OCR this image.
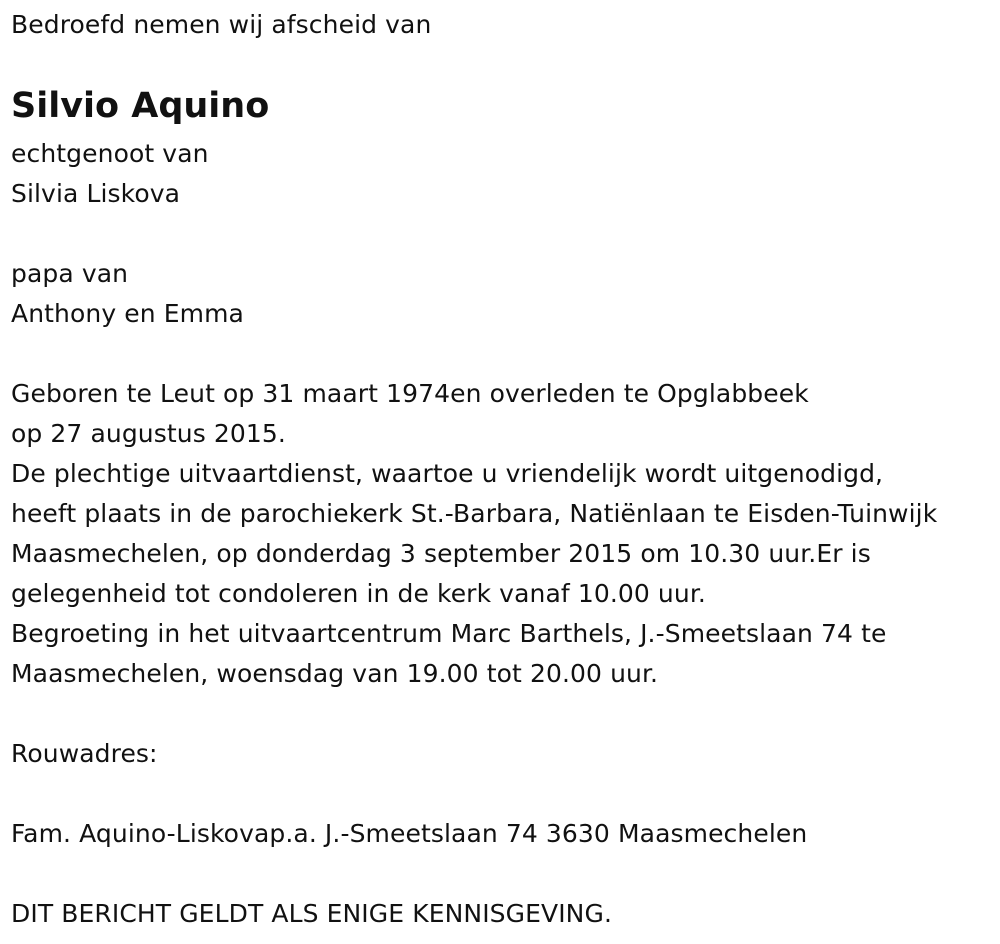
Bedroefd nemen wij afscheid van
Silvio Aquino
echtgenoot van
Silvia Liskova
papa van
Anthony en Emma
Geboren te Leut op 31 maart 1974en overleden te Opglabbeek
op 27 augustus 2015.
De plechtige uitvaartdienst, waartoe u vriendelijk wordt uitgenodigd,
heeft plaats in de parochiekerk St.-Barbara, Natiënlaan te Eisden-Tuinwijk
Maasmechelen, op donderdag 3 september 2015 om 10.30 uur.Er is
gelegenheid tot condoleren in de kerk vanaf 10.00 uur.
Begroeting in het uitvaartcentrum Marc Barthels, J.-Smeetslaan 74 te
Maasmechelen, woensdag van 19.00 tot 20.00 uur.
Rouwadres:
Fam. Aquino-Liskovap.a. J.-Smeetslaan 74 3630 Maasmechelen
DIT BERICHT GELDT ALS ENIGE KENNISGEVING.
